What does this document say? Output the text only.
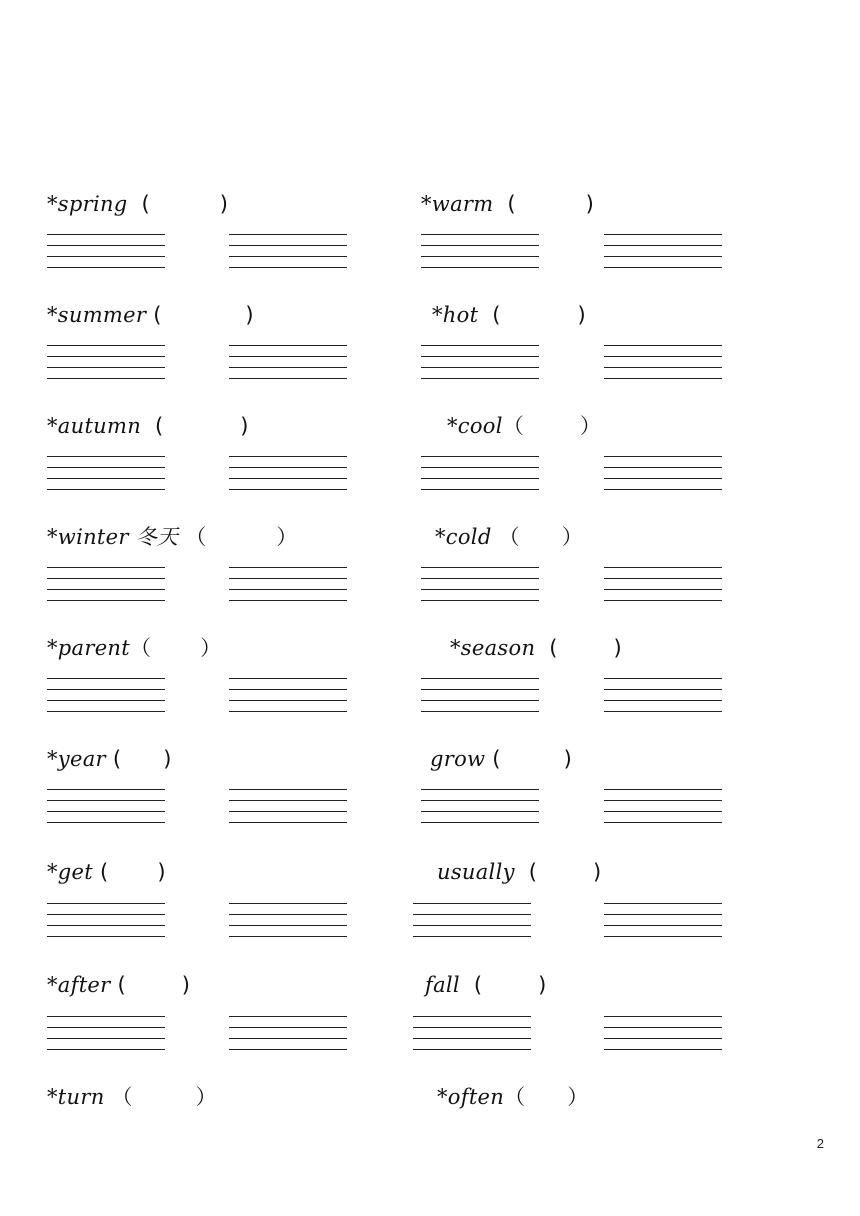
*spring (          )	*warm (          )
*summer (            )	*hot (           )
*autumn (           )	*cool（        ）
*winter 冬天 （          ）	*cold （      ）
*parent（       ）	*season (        )
*year (      )	grow (         )
*get (       )	usually (        )
*after (        )	fall (        )
*turn （         ）	*often（      ）
2
